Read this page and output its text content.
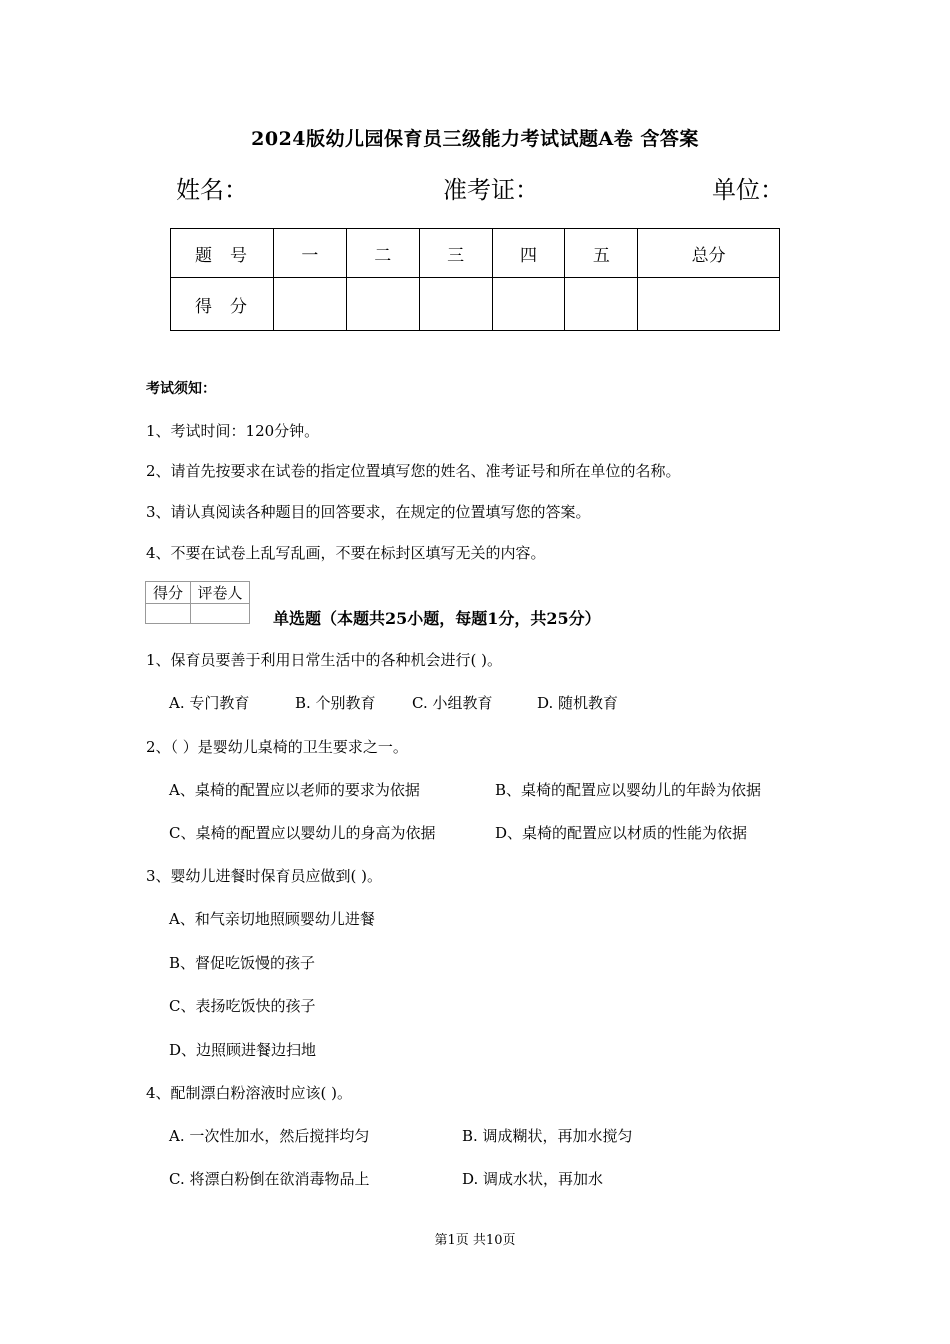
2024版幼儿园保育员三级能力考试试题A卷 含答案
姓名：	准考证：	单位：
题号	一	二	三	四	五	总分
得分						
考试须知：
1、考试时间：120分钟。
2、请首先按要求在试卷的指定位置填写您的姓名、准考证号和所在单位的名称。
3、请认真阅读各种题目的回答要求，在规定的位置填写您的答案。
4、不要在试卷上乱写乱画，不要在标封区填写无关的内容。
得分	评卷人

单选题（本题共25小题，每题1分，共25分）
1、保育员要善于利用日常生活中的各种机会进行( )。
A. 专门教育	B. 个别教育 C. 小组教育	D. 随机教育
2、（ ）是婴幼儿桌椅的卫生要求之一。
A、桌椅的配置应以老师的要求为依据	B、桌椅的配置应以婴幼儿的年龄为依据
C、桌椅的配置应以婴幼儿的身高为依据	D、桌椅的配置应以材质的性能为依据
3、婴幼儿进餐时保育员应做到( )。
A、和气亲切地照顾婴幼儿进餐
B、督促吃饭慢的孩子
C、表扬吃饭快的孩子
D、边照顾进餐边扫地
4、配制漂白粉溶液时应该( )。
A. 一次性加水，然后搅拌均匀	B. 调成糊状，再加水搅匀
C. 将漂白粉倒在欲消毒物品上	D. 调成水状，再加水
第1页 共10页
